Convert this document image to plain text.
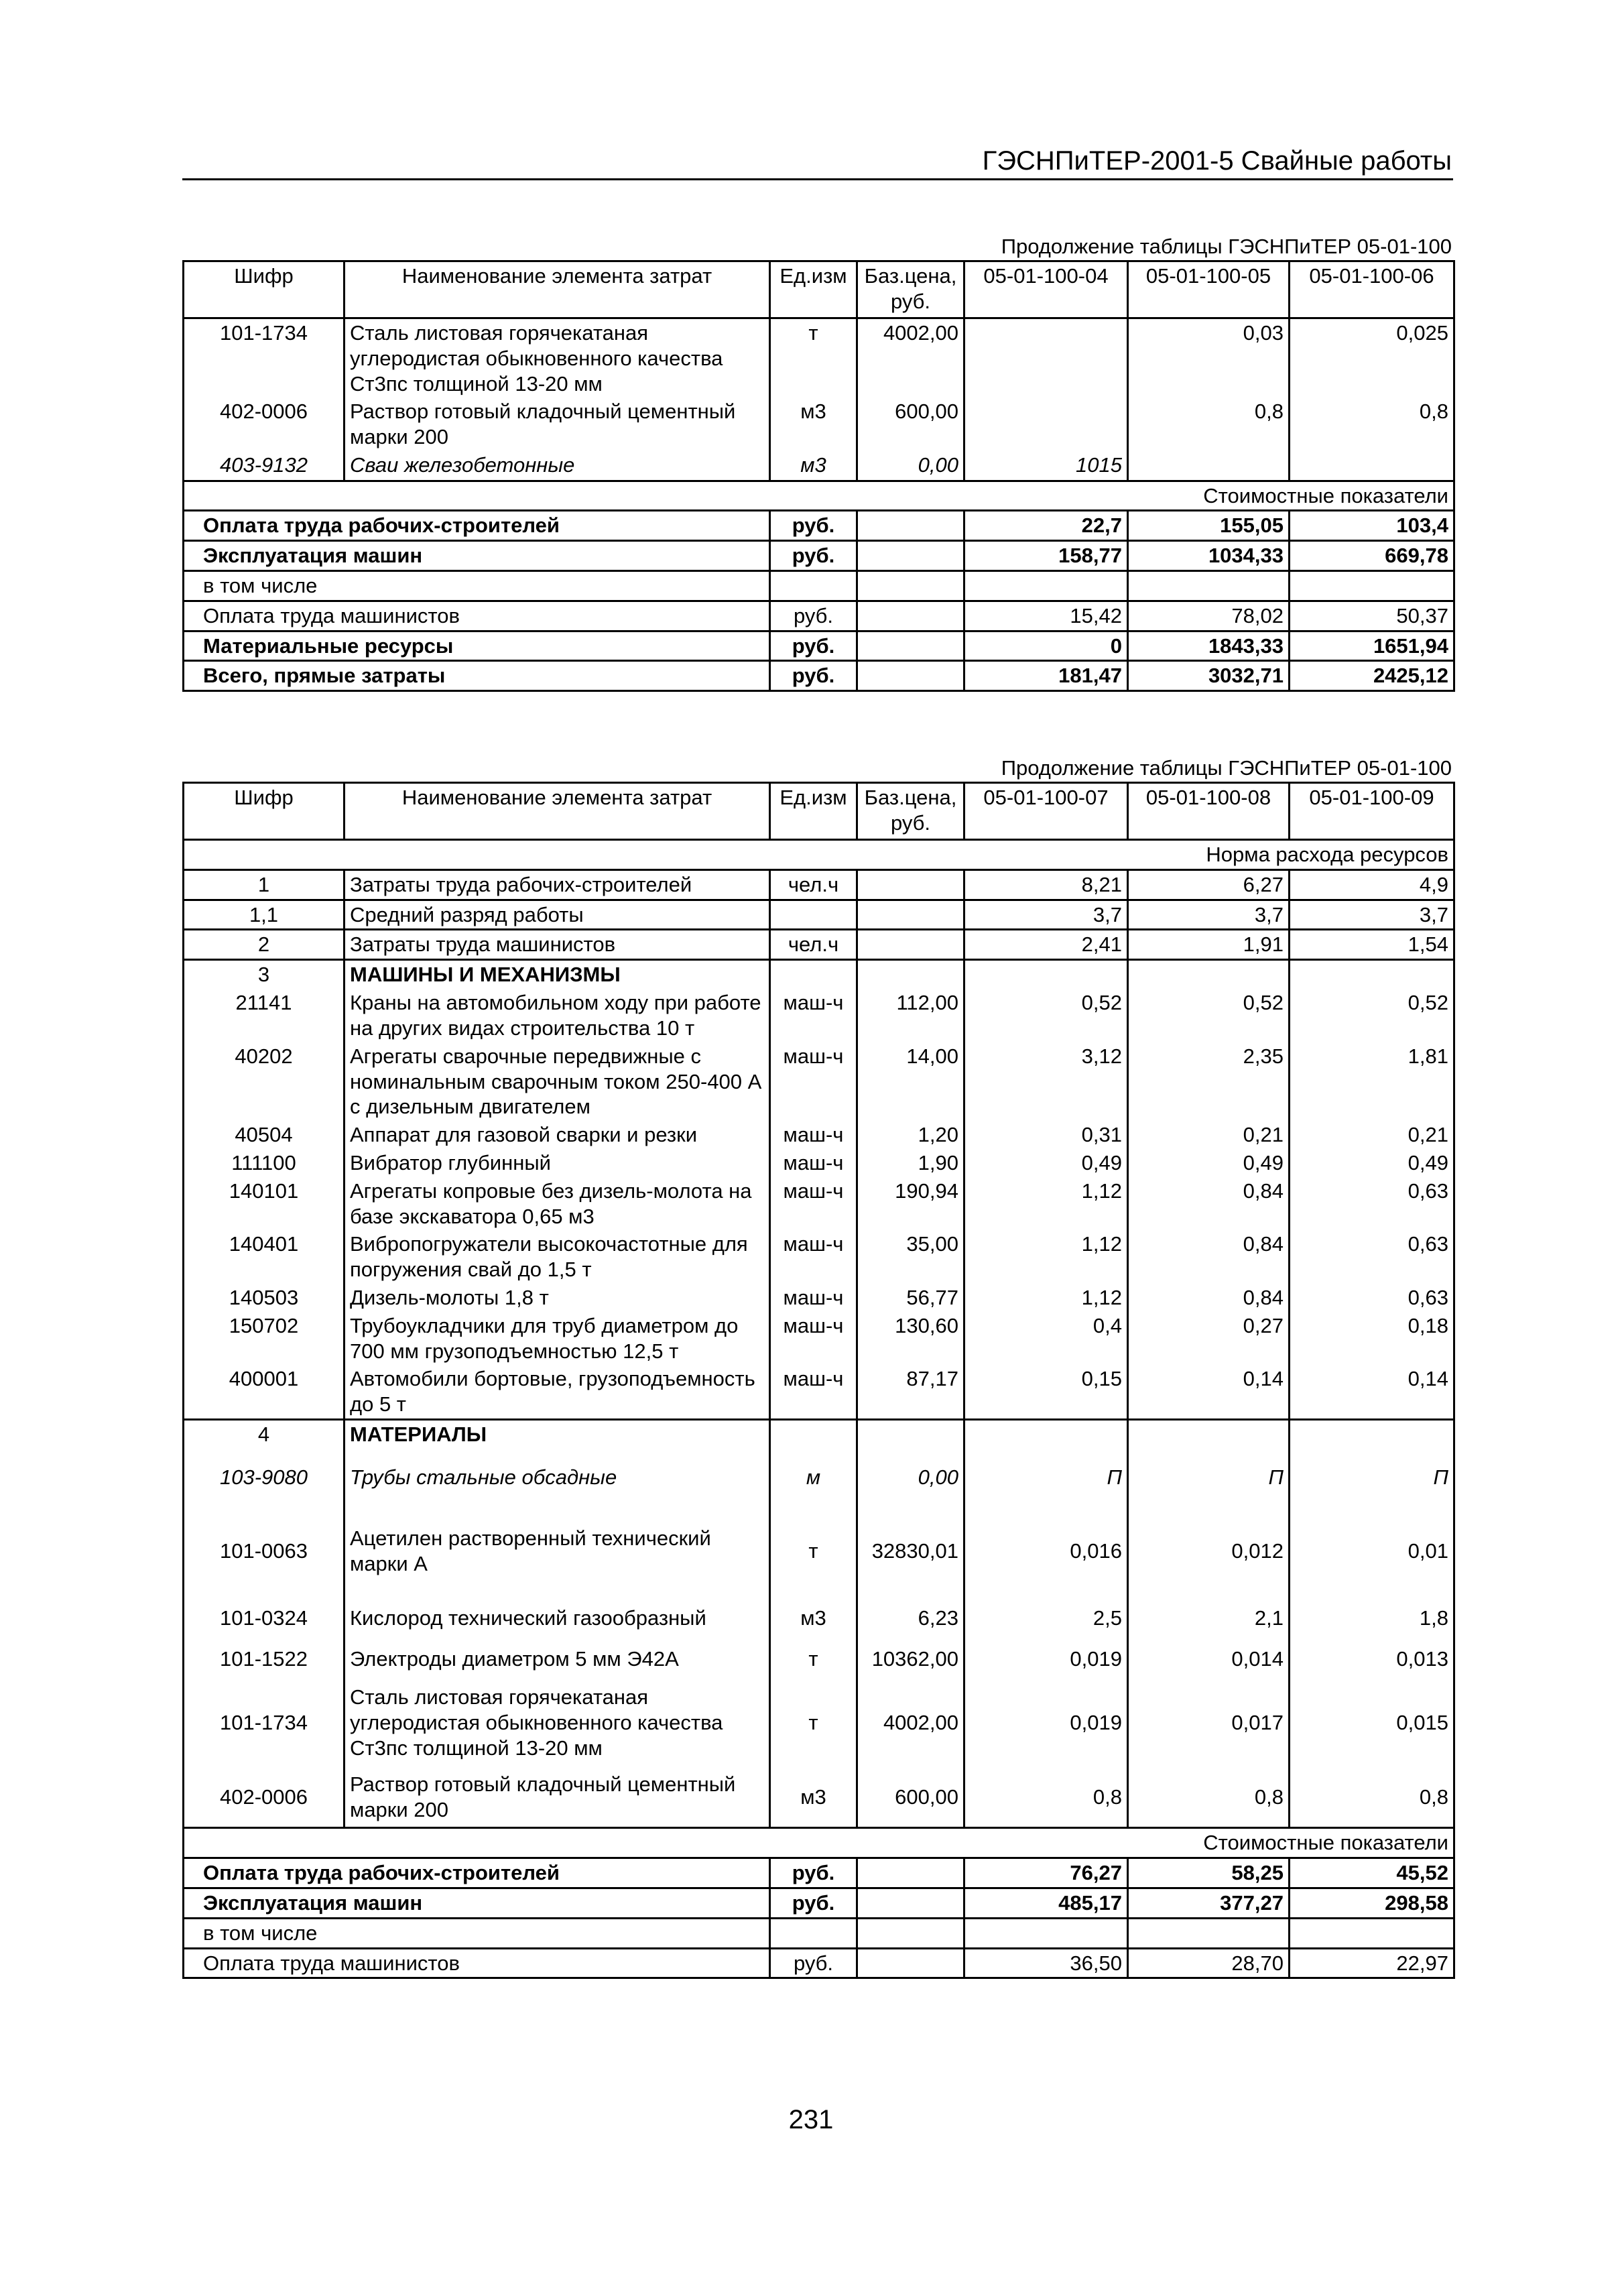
ГЭСНПиТЕР-2001-5 Свайные работы
Продолжение таблицы ГЭСНПиТЕР 05-01-100
Шифр	Наименование элемента затрат	Ед.изм	Баз.цена, руб.	05-01-100-04	05-01-100-05	05-01-100-06
101-1734	Сталь листовая горячекатаная углеродистая обыкновенного качества Ст3пс толщиной 13-20 мм	т	4002,00		0,03	0,025
402-0006	Раствор готовый кладочный цементный марки 200	м3	600,00		0,8	0,8
403-9132	Сваи железобетонные	м3	0,00	1015		
Стоимостные показатели						
Оплата труда рабочих-строителей		руб.		22,7	155,05	103,4
Эксплуатация машин		руб.		158,77	1034,33	669,78
в том числе						
Оплата труда машинистов		руб.		15,42	78,02	50,37
Материальные ресурсы		руб.		0	1843,33	1651,94
Всего, прямые затраты		руб.		181,47	3032,71	2425,12
Продолжение таблицы ГЭСНПиТЕР 05-01-100
Шифр	Наименование элемента затрат	Ед.изм	Баз.цена, руб.	05-01-100-07	05-01-100-08	05-01-100-09
Норма расхода ресурсов						
1	Затраты труда рабочих-строителей	чел.ч		8,21	6,27	4,9
1,1	Средний разряд работы			3,7	3,7	3,7
2	Затраты труда машинистов	чел.ч		2,41	1,91	1,54
3	МАШИНЫ И МЕХАНИЗМЫ					
21141	Краны на автомобильном ходу при работе на других видах строительства 10 т	маш-ч	112,00	0,52	0,52	0,52
40202	Агрегаты сварочные передвижные с номинальным сварочным током 250-400 А с дизельным двигателем	маш-ч	14,00	3,12	2,35	1,81
40504	Аппарат для газовой сварки и резки	маш-ч	1,20	0,31	0,21	0,21
111100	Вибратор глубинный	маш-ч	1,90	0,49	0,49	0,49
140101	Агрегаты копровые без дизель-молота на базе экскаватора 0,65 м3	маш-ч	190,94	1,12	0,84	0,63
140401	Вибропогружатели высокочастотные для погружения свай до 1,5 т	маш-ч	35,00	1,12	0,84	0,63
140503	Дизель-молоты 1,8 т	маш-ч	56,77	1,12	0,84	0,63
150702	Трубоукладчики для труб диаметром до 700 мм грузоподъемностью 12,5 т	маш-ч	130,60	0,4	0,27	0,18
400001	Автомобили бортовые, грузоподъемность до 5 т	маш-ч	87,17	0,15	0,14	0,14
4	МАТЕРИАЛЫ					
103-9080	Трубы стальные обсадные	м	0,00	П	П	П
101-0063	Ацетилен растворенный технический марки А	т	32830,01	0,016	0,012	0,01
101-0324	Кислород технический газообразный	м3	6,23	2,5	2,1	1,8
101-1522	Электроды диаметром 5 мм Э42А	т	10362,00	0,019	0,014	0,013
101-1734	Сталь листовая горячекатаная углеродистая обыкновенного качества Ст3пс толщиной 13-20 мм	т	4002,00	0,019	0,017	0,015
402-0006	Раствор готовый кладочный цементный марки 200	м3	600,00	0,8	0,8	0,8
Стоимостные показатели						
Оплата труда рабочих-строителей		руб.		76,27	58,25	45,52
Эксплуатация машин		руб.		485,17	377,27	298,58
в том числе						
Оплата труда машинистов		руб.		36,50	28,70	22,97
231
